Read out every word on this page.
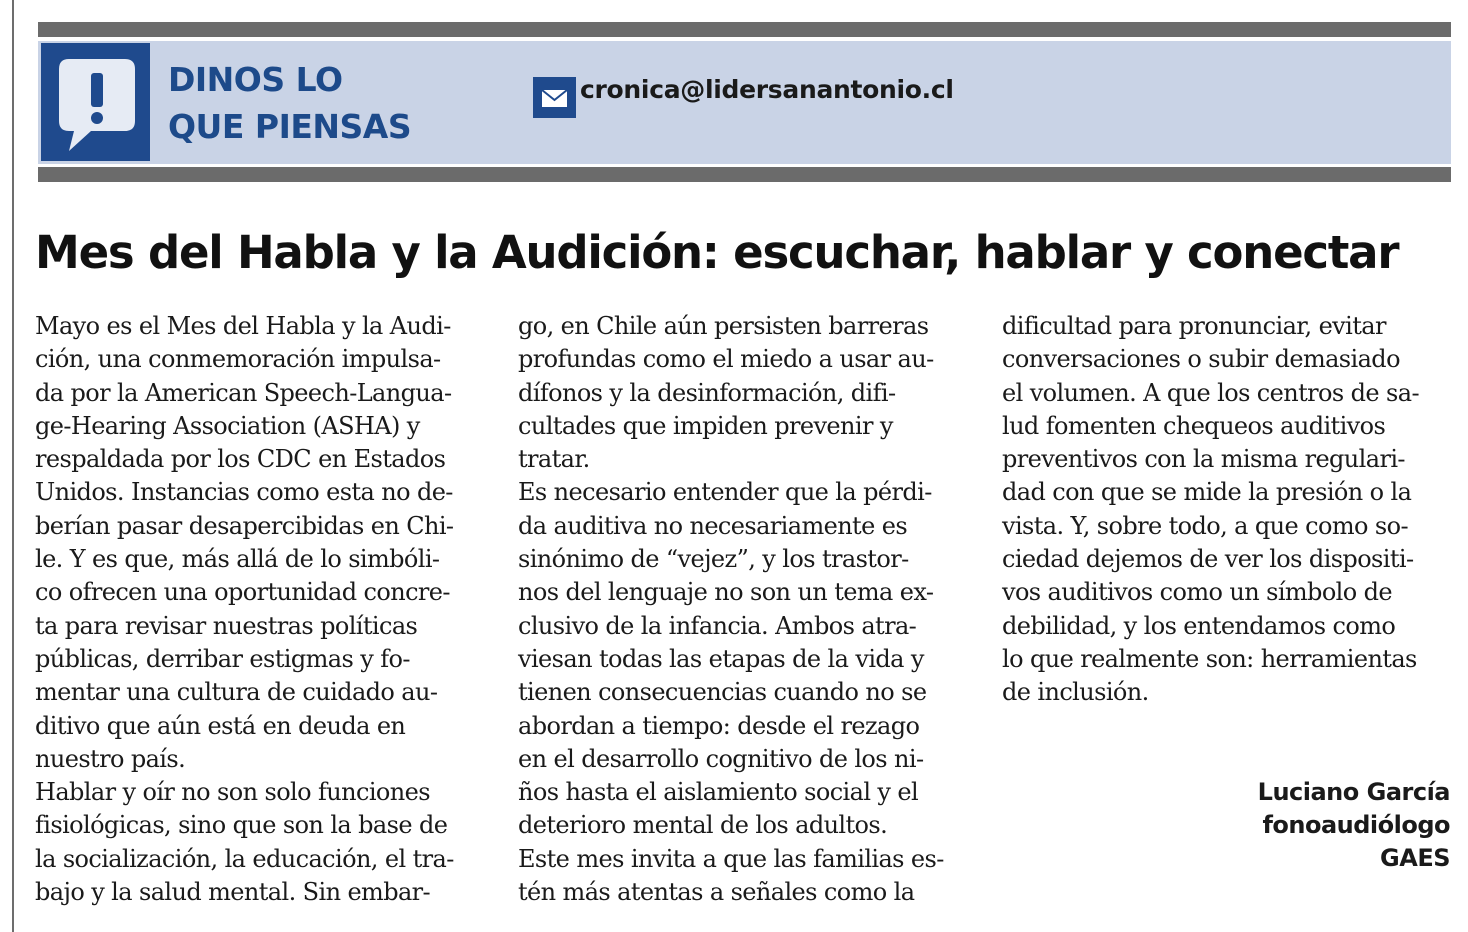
DINOS LO
QUE PIENSAS
cronica@lidersanantonio.cl
Mes del Habla y la Audición: escuchar, hablar y conectar
Mayo es el Mes del Habla y la Audi-
ción, una conmemoración impulsa-
da por la American Speech-Langua-
ge-Hearing Association (ASHA) y
respaldada por los CDC en Estados
Unidos. Instancias como esta no de-
berían pasar desapercibidas en Chi-
le. Y es que, más allá de lo simbóli-
co ofrecen una oportunidad concre-
ta para revisar nuestras políticas
públicas, derribar estigmas y fo-
mentar una cultura de cuidado au-
ditivo que aún está en deuda en
nuestro país.
Hablar y oír no son solo funciones
fisiológicas, sino que son la base de
la socialización, la educación, el tra-
bajo y la salud mental. Sin embar-
go, en Chile aún persisten barreras
profundas como el miedo a usar au-
dífonos y la desinformación, difi-
cultades que impiden prevenir y
tratar.
Es necesario entender que la pérdi-
da auditiva no necesariamente es
sinónimo de “vejez”, y los trastor-
nos del lenguaje no son un tema ex-
clusivo de la infancia. Ambos atra-
viesan todas las etapas de la vida y
tienen consecuencias cuando no se
abordan a tiempo: desde el rezago
en el desarrollo cognitivo de los ni-
ños hasta el aislamiento social y el
deterioro mental de los adultos.
Este mes invita a que las familias es-
tén más atentas a señales como la
dificultad para pronunciar, evitar
conversaciones o subir demasiado
el volumen. A que los centros de sa-
lud fomenten chequeos auditivos
preventivos con la misma regulari-
dad con que se mide la presión o la
vista. Y, sobre todo, a que como so-
ciedad dejemos de ver los dispositi-
vos auditivos como un símbolo de
debilidad, y los entendamos como
lo que realmente son: herramientas
de inclusión.
Luciano García
fonoaudiólogo
GAES
